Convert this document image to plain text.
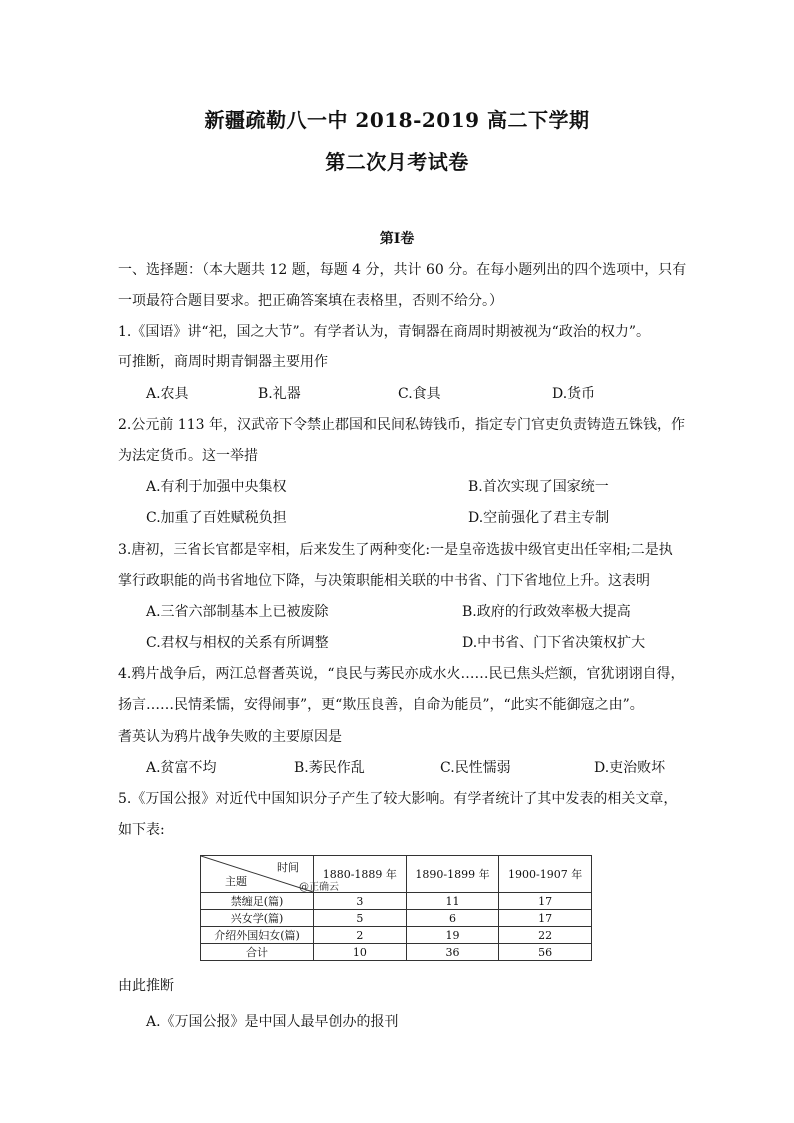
新疆疏勒八一中 2018-2019 高二下学期
第二次月考试卷
第Ⅰ卷
一、选择题：（本大题共 12 题，每题 4 分，共计 60 分。在每小题列出的四个选项中，只有
一项最符合题目要求。把正确答案填在表格里，否则不给分。）
1.《国语》讲“祀，国之大节”。有学者认为，青铜器在商周时期被视为“政治的权力”。
可推断，商周时期青铜器主要用作
A.农具	B.礼器	C.食具	D.货币
2.公元前 113 年，汉武帝下令禁止郡国和民间私铸钱币，指定专门官吏负责铸造五铢钱，作
为法定货币。这一举措
A.有利于加强中央集权	B.首次实现了国家统一
C.加重了百姓赋税负担	D.空前强化了君主专制
3.唐初，三省长官都是宰相，后来发生了两种变化:一是皇帝选拔中级官吏出任宰相;二是执
掌行政职能的尚书省地位下降，与决策职能相关联的中书省、门下省地位上升。这表明
A.三省六部制基本上已被废除	B.政府的行政效率极大提高
C.君权与相权的关系有所调整	D.中书省、门下省决策权扩大
4.鸦片战争后，两江总督耆英说，“良民与莠民亦成水火……民已焦头烂额，官犹诩诩自得，
扬言……民情柔懦，安得闹事”，更“欺压良善，自命为能员”，“此实不能御寇之由”。
耆英认为鸦片战争失败的主要原因是
A.贫富不均	B.莠民作乱	C.民性懦弱	D.吏治败坏
5.《万国公报》对近代中国知识分子产生了较大影响。有学者统计了其中发表的相关文章，
如下表:
时间
主题 @正确云	1880-1889 年	1890-1899 年	1900-1907 年
禁缠足(篇)	3	11	17
兴女学(篇)	5	6	17
介绍外国妇女(篇)	2	19	22
合计	10	36	56
由此推断
A.《万国公报》是中国人最早创办的报刊
